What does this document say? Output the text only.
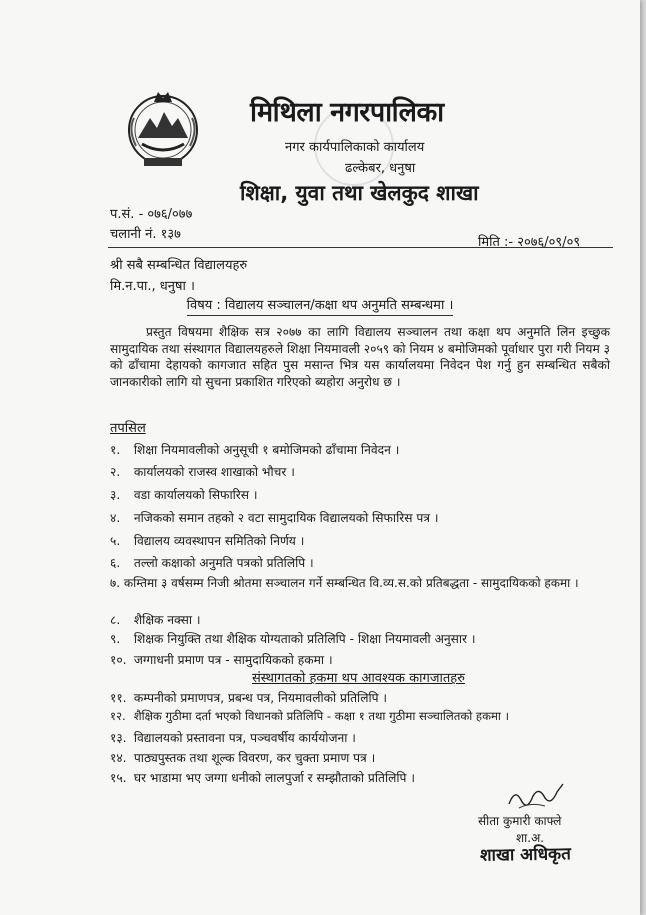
मिथिला नगरपालिका
नगर कार्यपालिकाको कार्यालय
ढल्केबर, धनुषा
शिक्षा, युवा तथा खेलकुद शाखा
प.सं. - ०७६/०७७
चलानी नं. १३७
मिति :- २०७६/०९/०९
श्री सबै सम्बन्धित विद्यालयहरु
मि.न.पा., धनुषा ।
विषय : विद्यालय सञ्चालन/कक्षा थप अनुमति सम्बन्धमा ।
प्रस्तुत विषयमा शैक्षिक सत्र २०७७ का लागि विद्यालय सञ्चालन तथा कक्षा थप अनुमति लिन इच्छुक सामुदायिक तथा संस्थागत विद्यालयहरुले शिक्षा नियमावली २०५९ को नियम ४ बमोजिमको पूर्वाधार पुरा गरी नियम ३ को ढाँचामा देहायको कागजात सहित पुस मसान्त भित्र यस कार्यालयमा निवेदन पेश गर्नु हुन सम्बन्धित सबैको जानकारीको लागि यो सुचना प्रकाशित गरिएको ब्यहोरा अनुरोध छ ।
तपसिल
१. शिक्षा नियमावलीको अनुसूची १ बमोजिमको ढाँचामा निवेदन ।
२. कार्यालयको राजस्व शाखाको भौचर ।
३. वडा कार्यालयको सिफारिस ।
४. नजिकको समान तहको २ वटा सामुदायिक विद्यालयको सिफारिस पत्र ।
५. विद्यालय व्यवस्थापन समितिको निर्णय ।
६. तल्लो कक्षाको अनुमति पत्रको प्रतिलिपि ।
७. कम्तिमा ३ वर्षसम्म निजी श्रोतमा सञ्चालन गर्ने सम्बन्धित वि.व्य.स.को प्रतिबद्धता - सामुदायिकको हकमा ।
८. शैक्षिक नक्सा ।
९. शिक्षक नियुक्ति तथा शैक्षिक योग्यताको प्रतिलिपि - शिक्षा नियमावली अनुसार ।
१०. जग्गाधनी प्रमाण पत्र - सामुदायिकको हकमा ।
संस्थागतको हकमा थप आवश्यक कागजातहरु
११. कम्पनीको प्रमाणपत्र, प्रबन्ध पत्र, नियमावलीको प्रतिलिपि ।
१२. शैक्षिक गुठीमा दर्ता भएको विधानको प्रतिलिपि - कक्षा १ तथा गुठीमा सञ्चालितको हकमा ।
१३. विद्यालयको प्रस्तावना पत्र, पञ्चवर्षीय कार्ययोजना ।
१४. पाठ्यपुस्तक तथा शूल्क विवरण, कर चुक्ता प्रमाण पत्र ।
१५. घर भाडामा भए जग्गा धनीको लालपुर्जा र सम्झौताको प्रतिलिपि ।
सीता कुमारी काफ्ले
शा.अ.
शाखा अधिकृत
